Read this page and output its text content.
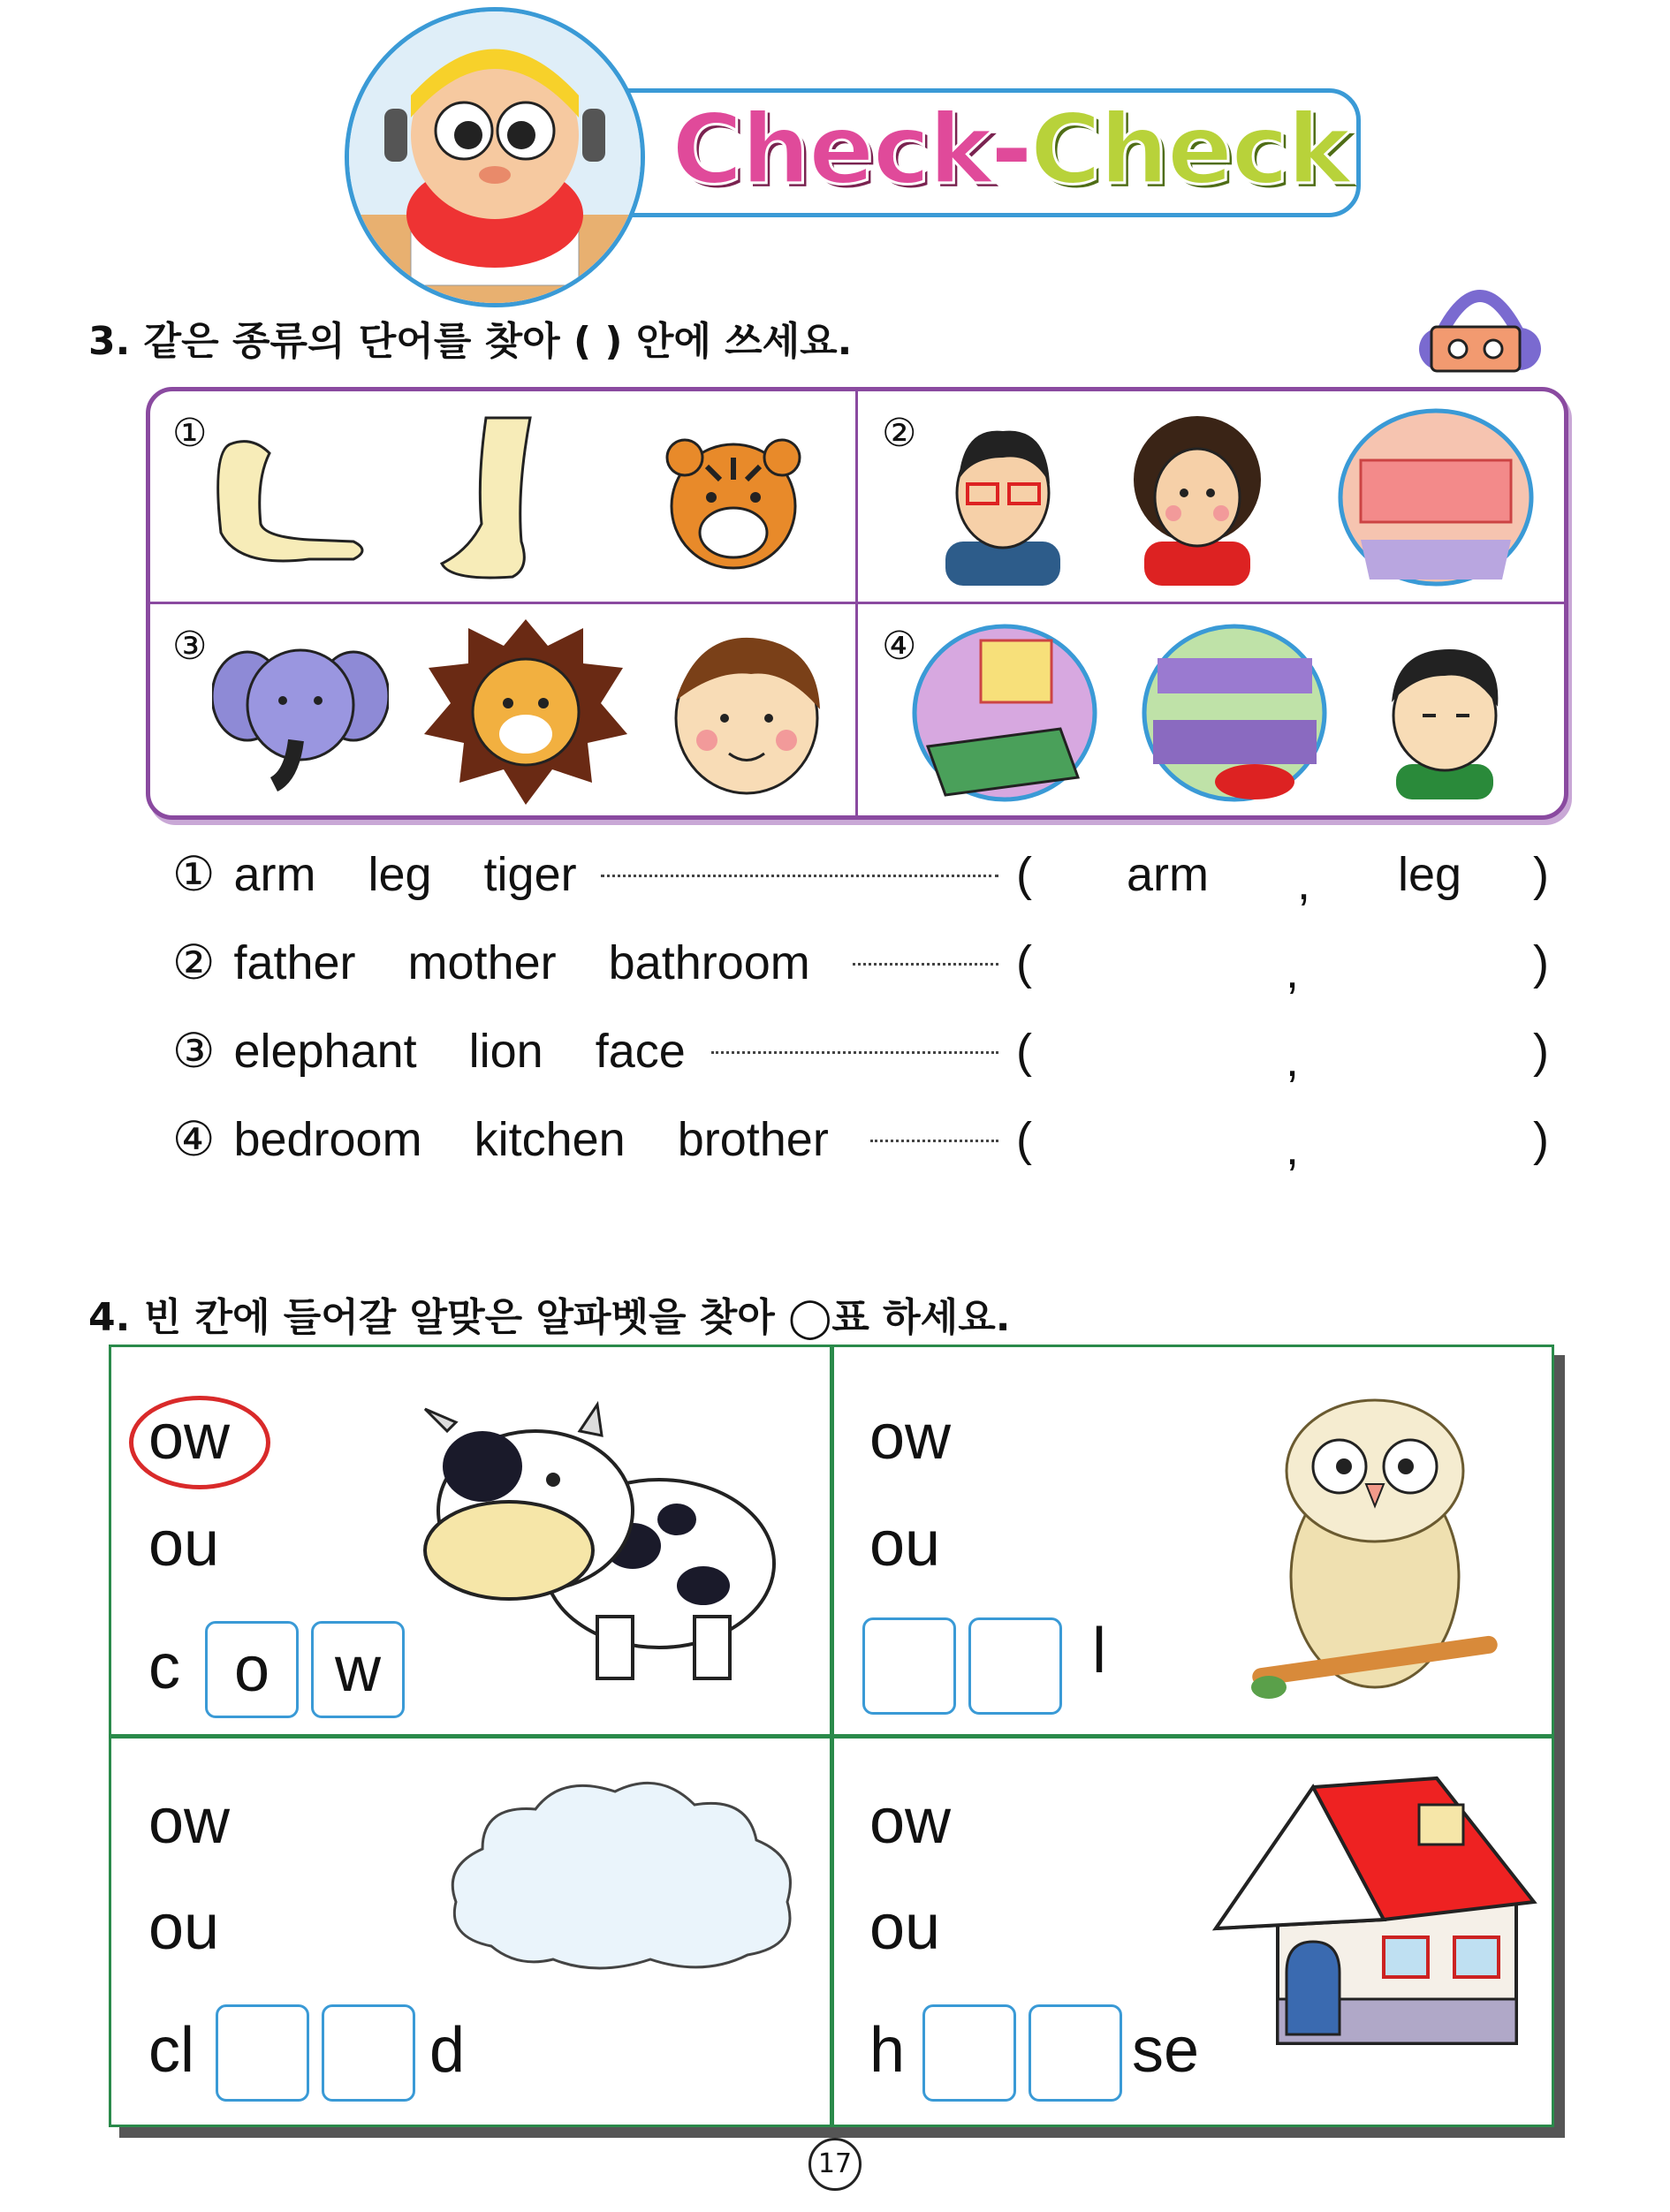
Check-Check
3. 같은 종류의 단어를 찾아 ( ) 안에 쓰세요.
①	②
③	④
① arm leg tiger	( arm , leg )
② father mother bathroom	(	,	)
③ elephant lion face	(	,	)
④ bedroom kitchen brother	(	,	)
4. 빈 칸에 들어갈 알맞은 알파벳을 찾아 ◯표 하세요.
ow
ou
c o	w
ow
ou
l
ow
ou
cl	d
ow
ou
h	se
17
